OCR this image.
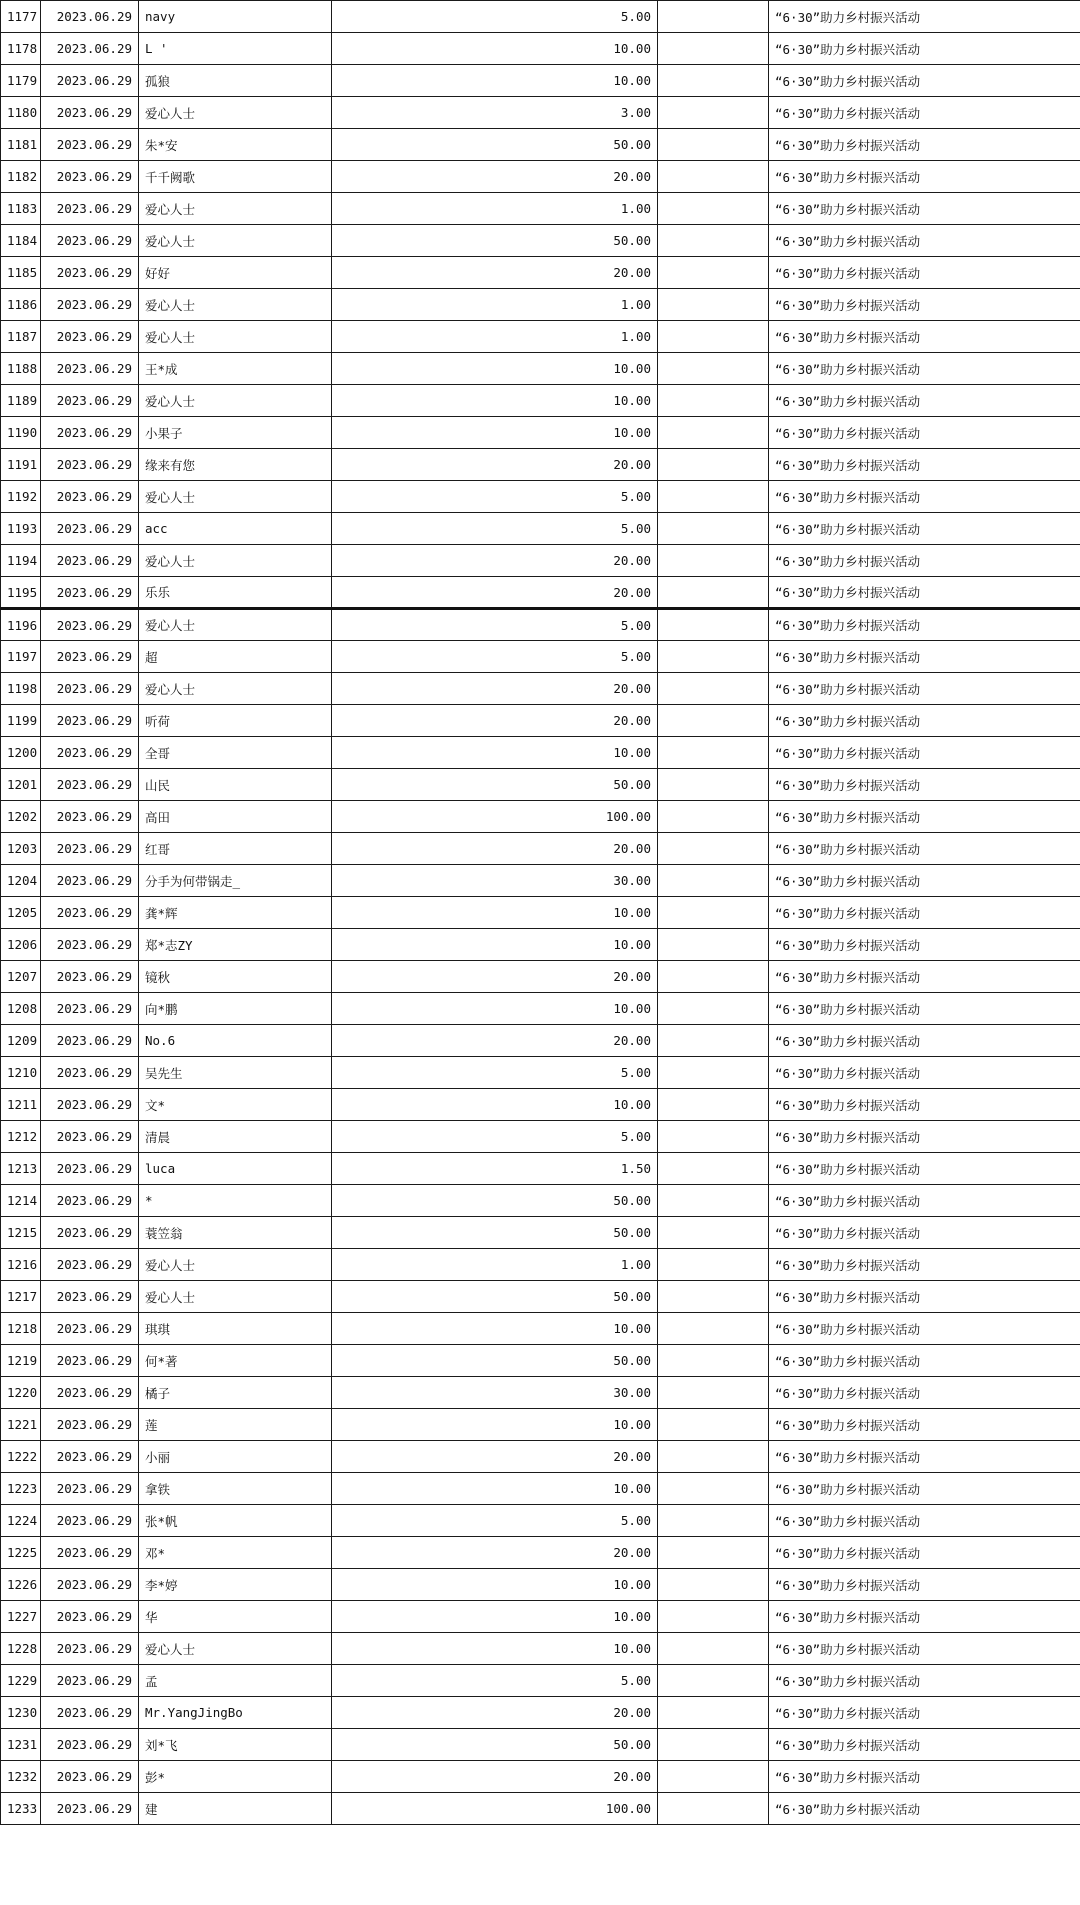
1177	2023.06.29	navy	5.00		“6·30”助力乡村振兴活动
1178	2023.06.29	L '	10.00		“6·30”助力乡村振兴活动
1179	2023.06.29	孤狼	10.00		“6·30”助力乡村振兴活动
1180	2023.06.29	爱心人士	3.00		“6·30”助力乡村振兴活动
1181	2023.06.29	朱*安	50.00		“6·30”助力乡村振兴活动
1182	2023.06.29	千千阙歌	20.00		“6·30”助力乡村振兴活动
1183	2023.06.29	爱心人士	1.00		“6·30”助力乡村振兴活动
1184	2023.06.29	爱心人士	50.00		“6·30”助力乡村振兴活动
1185	2023.06.29	好好	20.00		“6·30”助力乡村振兴活动
1186	2023.06.29	爱心人士	1.00		“6·30”助力乡村振兴活动
1187	2023.06.29	爱心人士	1.00		“6·30”助力乡村振兴活动
1188	2023.06.29	王*成	10.00		“6·30”助力乡村振兴活动
1189	2023.06.29	爱心人士	10.00		“6·30”助力乡村振兴活动
1190	2023.06.29	小果子	10.00		“6·30”助力乡村振兴活动
1191	2023.06.29	缘来有您	20.00		“6·30”助力乡村振兴活动
1192	2023.06.29	爱心人士	5.00		“6·30”助力乡村振兴活动
1193	2023.06.29	acc	5.00		“6·30”助力乡村振兴活动
1194	2023.06.29	爱心人士	20.00		“6·30”助力乡村振兴活动
1195	2023.06.29	乐乐	20.00		“6·30”助力乡村振兴活动
1196	2023.06.29	爱心人士	5.00		“6·30”助力乡村振兴活动
1197	2023.06.29	超	5.00		“6·30”助力乡村振兴活动
1198	2023.06.29	爱心人士	20.00		“6·30”助力乡村振兴活动
1199	2023.06.29	听荷	20.00		“6·30”助力乡村振兴活动
1200	2023.06.29	全哥	10.00		“6·30”助力乡村振兴活动
1201	2023.06.29	山民	50.00		“6·30”助力乡村振兴活动
1202	2023.06.29	高田	100.00		“6·30”助力乡村振兴活动
1203	2023.06.29	红哥	20.00		“6·30”助力乡村振兴活动
1204	2023.06.29	分手为何带锅走_	30.00		“6·30”助力乡村振兴活动
1205	2023.06.29	龚*辉	10.00		“6·30”助力乡村振兴活动
1206	2023.06.29	郑*志ZY	10.00		“6·30”助力乡村振兴活动
1207	2023.06.29	镜秋	20.00		“6·30”助力乡村振兴活动
1208	2023.06.29	向*鹏	10.00		“6·30”助力乡村振兴活动
1209	2023.06.29	No.6	20.00		“6·30”助力乡村振兴活动
1210	2023.06.29	吴先生	5.00		“6·30”助力乡村振兴活动
1211	2023.06.29	文*	10.00		“6·30”助力乡村振兴活动
1212	2023.06.29	清晨	5.00		“6·30”助力乡村振兴活动
1213	2023.06.29	luca	1.50		“6·30”助力乡村振兴活动
1214	2023.06.29	*	50.00		“6·30”助力乡村振兴活动
1215	2023.06.29	蓑笠翁	50.00		“6·30”助力乡村振兴活动
1216	2023.06.29	爱心人士	1.00		“6·30”助力乡村振兴活动
1217	2023.06.29	爱心人士	50.00		“6·30”助力乡村振兴活动
1218	2023.06.29	琪琪	10.00		“6·30”助力乡村振兴活动
1219	2023.06.29	何*著	50.00		“6·30”助力乡村振兴活动
1220	2023.06.29	橘子	30.00		“6·30”助力乡村振兴活动
1221	2023.06.29	莲	10.00		“6·30”助力乡村振兴活动
1222	2023.06.29	小丽	20.00		“6·30”助力乡村振兴活动
1223	2023.06.29	拿铁	10.00		“6·30”助力乡村振兴活动
1224	2023.06.29	张*帆	5.00		“6·30”助力乡村振兴活动
1225	2023.06.29	邓*	20.00		“6·30”助力乡村振兴活动
1226	2023.06.29	李*婷	10.00		“6·30”助力乡村振兴活动
1227	2023.06.29	华	10.00		“6·30”助力乡村振兴活动
1228	2023.06.29	爱心人士	10.00		“6·30”助力乡村振兴活动
1229	2023.06.29	孟	5.00		“6·30”助力乡村振兴活动
1230	2023.06.29	Mr.YangJingBo	20.00		“6·30”助力乡村振兴活动
1231	2023.06.29	刘*飞	50.00		“6·30”助力乡村振兴活动
1232	2023.06.29	彭*	20.00		“6·30”助力乡村振兴活动
1233	2023.06.29	建	100.00		“6·30”助力乡村振兴活动
